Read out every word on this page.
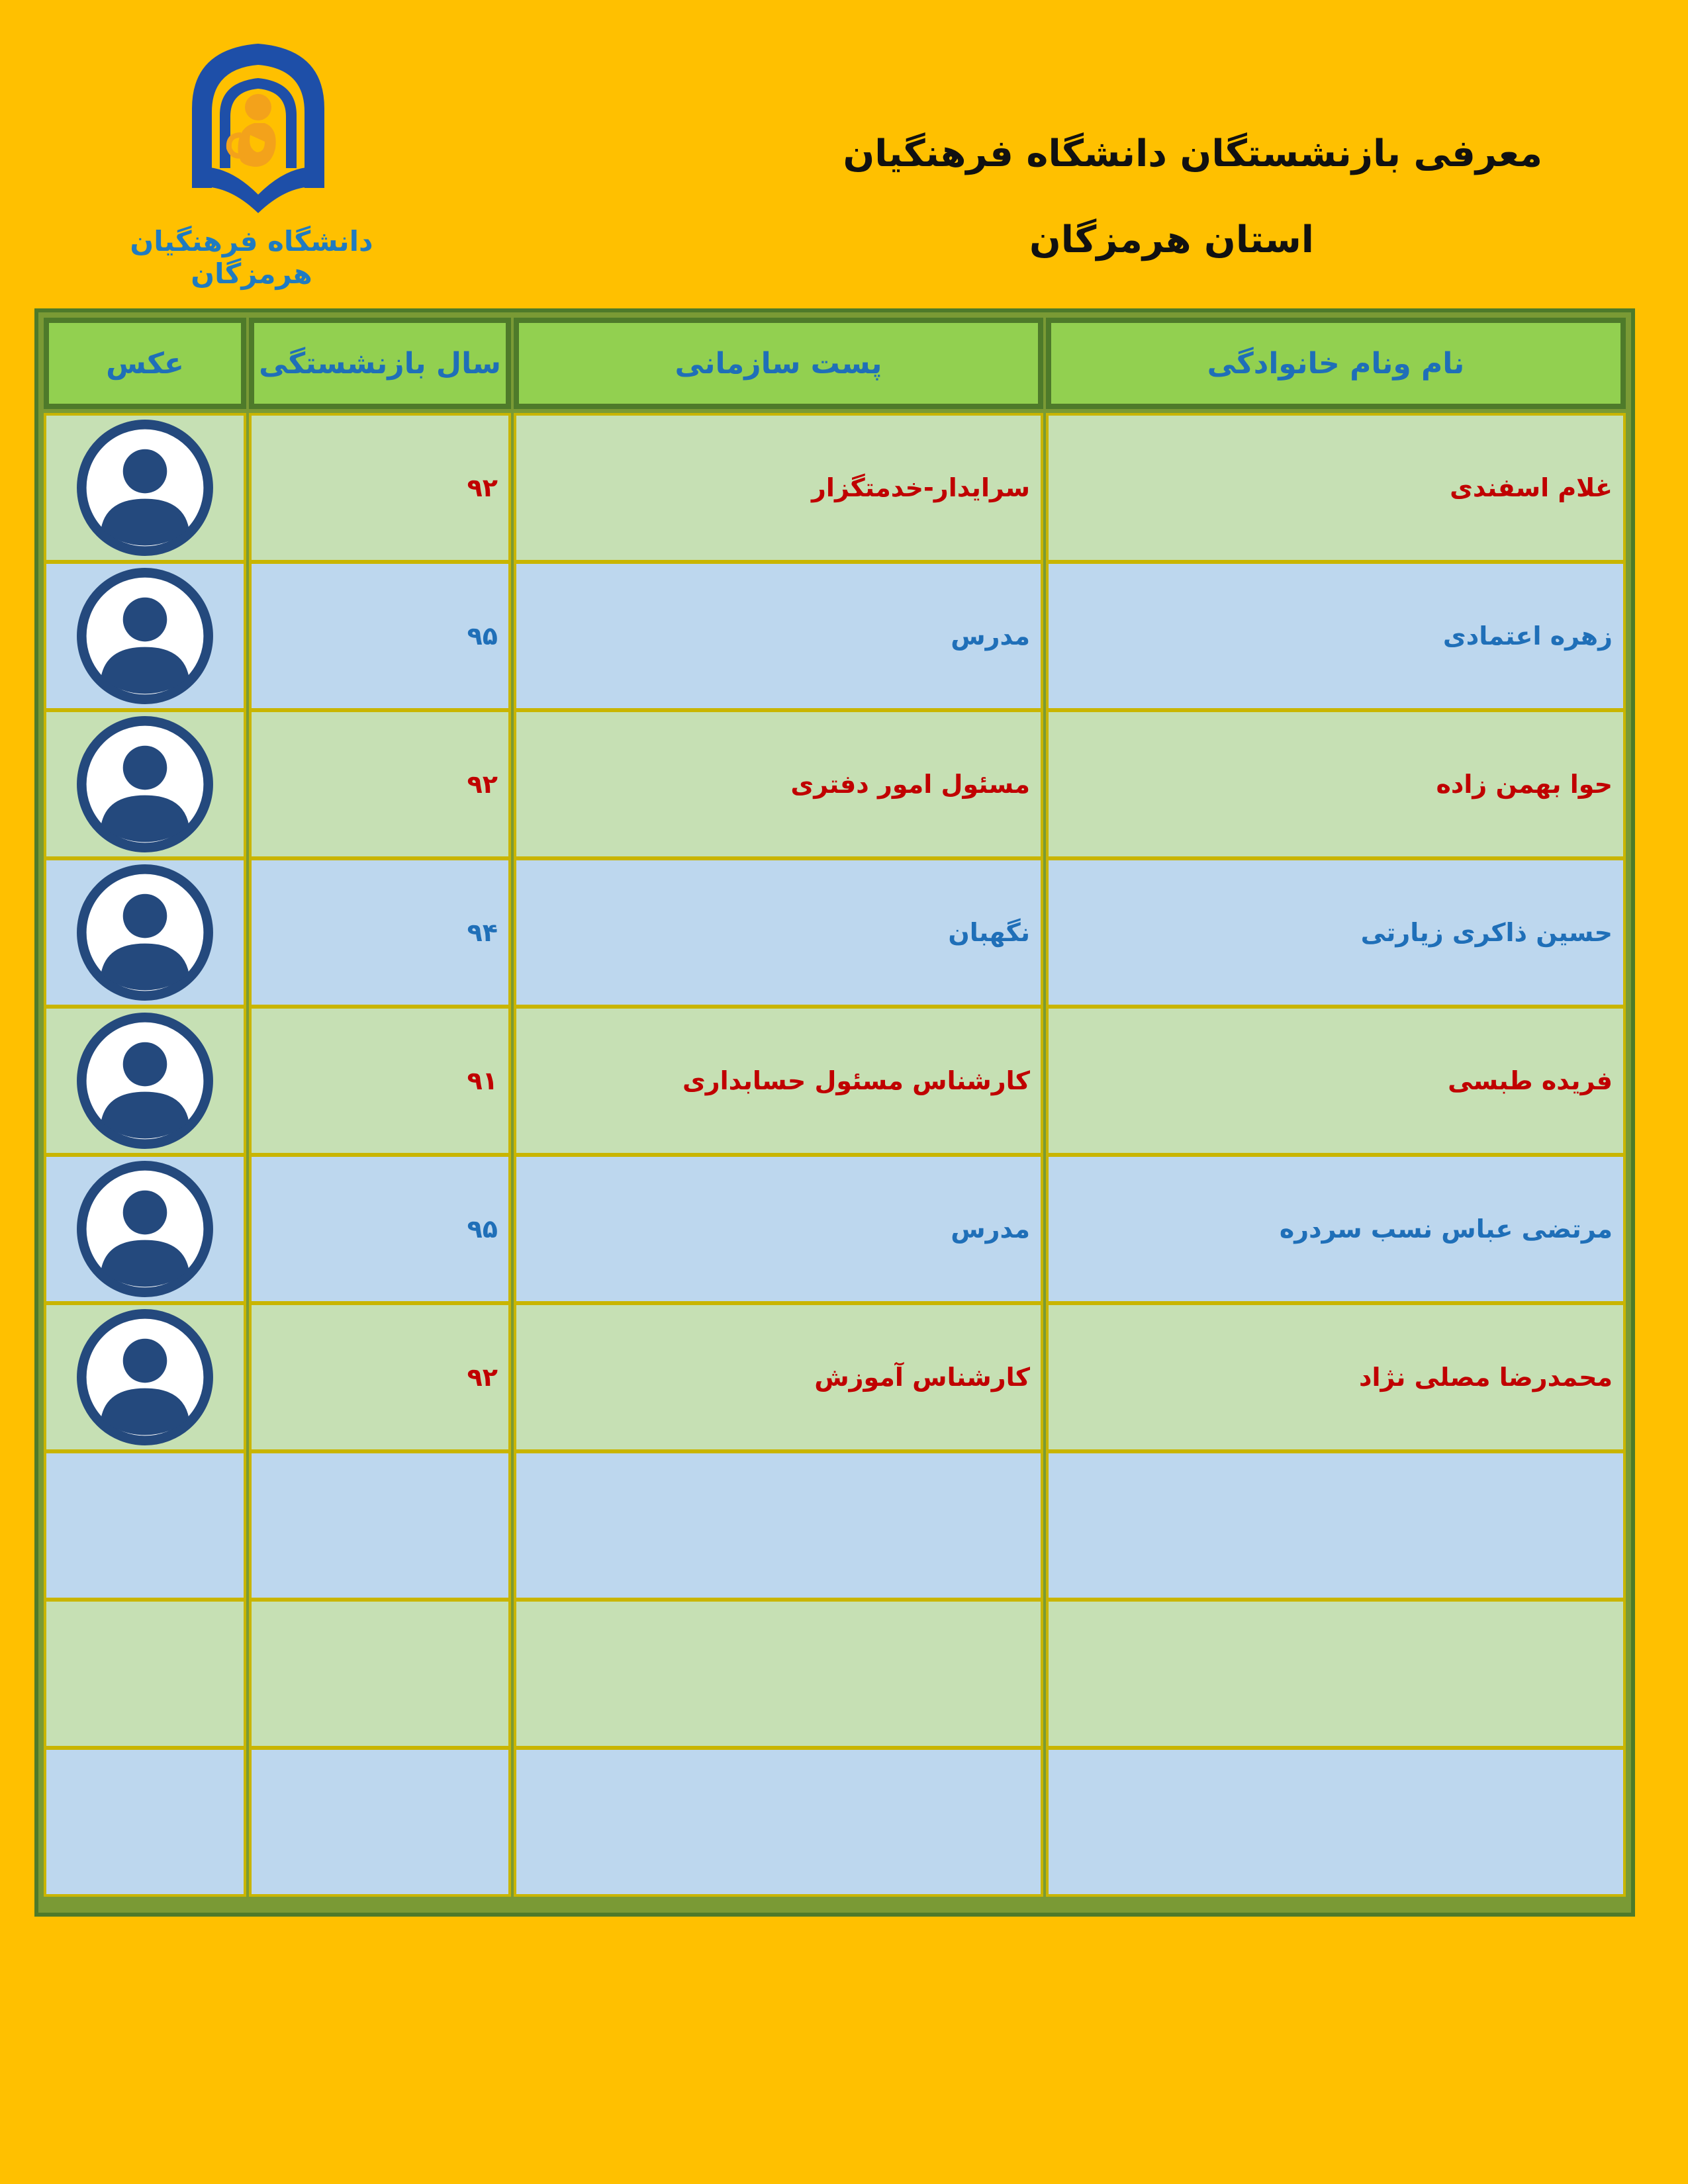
دانشگاه فرهنگیان هرمزگان
معرفی بازنشستگان دانشگاه فرهنگیان
استان هرمزگان
عکس	سال بازنشستگی	پست سازمانی	نام ونام خانوادگی
۹۲	سرایدار-خدمتگزار	غلام اسفندی
۹۵	مدرس	زهره اعتمادی
۹۲	مسئول امور دفتری	حوا بهمن زاده
۹۴	نگهبان	حسین ذاکری زیارتی
۹۱	کارشناس مسئول حسابداری	فریده طبسی
۹۵	مدرس	مرتضی عباس نسب سردره
۹۲	کارشناس آموزش	محمدرضا مصلی نژاد
